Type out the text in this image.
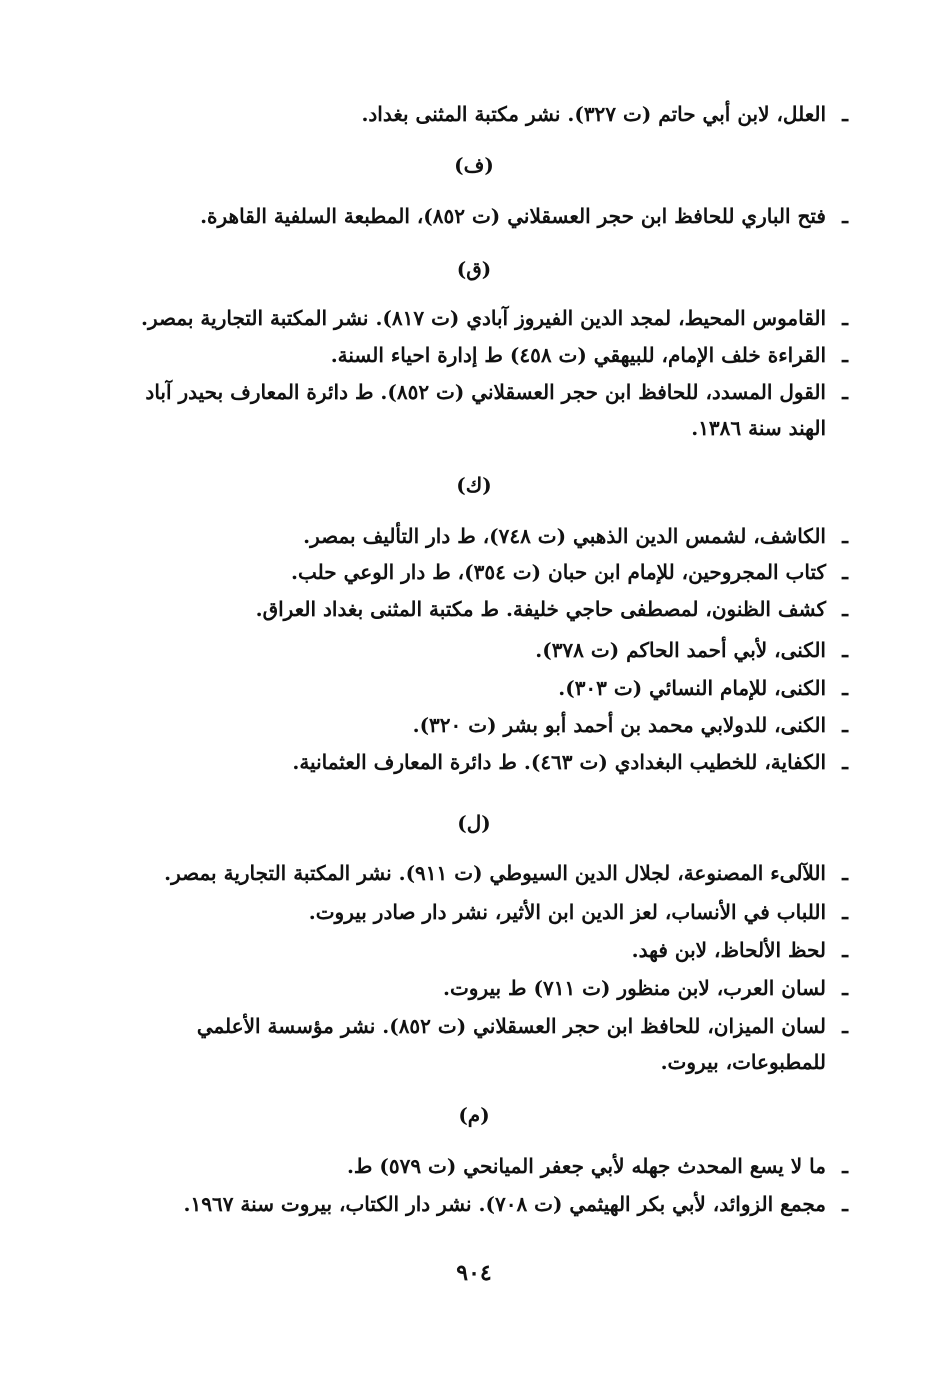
ـ
العلل، لابن أبي حاتم (ت ٣٢٧). نشر مكتبة المثنى بغداد.
(ف)
ـ
فتح الباري للحافظ ابن حجر العسقلاني (ت ٨٥٢)، المطبعة السلفية القاهرة.
(ق)
ـ
القاموس المحيط، لمجد الدين الفيروز آبادي (ت ٨١٧). نشر المكتبة التجارية بمصر.
ـ
القراءة خلف الإمام، للبيهقي (ت ٤٥٨) ط إدارة احياء السنة.
ـ
القول المسدد، للحافظ ابن حجر العسقلاني (ت ٨٥٢). ط دائرة المعارف بحيدر آباد
الهند سنة ١٣٨٦.
(ك)
ـ
الكاشف، لشمس الدين الذهبي (ت ٧٤٨)، ط دار التأليف بمصر.
ـ
كتاب المجروحين، للإمام ابن حبان (ت ٣٥٤)، ط دار الوعي حلب.
ـ
كشف الظنون، لمصطفى حاجي خليفة. ط مكتبة المثنى بغداد العراق.
ـ
الكنى، لأبي أحمد الحاكم (ت ٣٧٨).
ـ
الكنى، للإمام النسائي (ت ٣٠٣).
ـ
الكنى، للدولابي محمد بن أحمد أبو بشر (ت ٣٢٠).
ـ
الكفاية، للخطيب البغدادي (ت ٤٦٣). ط دائرة المعارف العثمانية.
(ل)
ـ
اللآلىء المصنوعة، لجلال الدين السيوطي (ت ٩١١). نشر المكتبة التجارية بمصر.
ـ
اللباب في الأنساب، لعز الدين ابن الأثير، نشر دار صادر بيروت.
ـ
لحظ الألحاظ، لابن فهد.
ـ
لسان العرب، لابن منظور (ت ٧١١) ط بيروت.
ـ
لسان الميزان، للحافظ ابن حجر العسقلاني (ت ٨٥٢). نشر مؤسسة الأعلمي
للمطبوعات، بيروت.
(م)
ـ
ما لا يسع المحدث جهله لأبي جعفر الميانحي (ت ٥٧٩) ط.
ـ
مجمع الزوائد، لأبي بكر الهيثمي (ت ٧٠٨). نشر دار الكتاب، بيروت سنة ١٩٦٧.
٩٠٤
